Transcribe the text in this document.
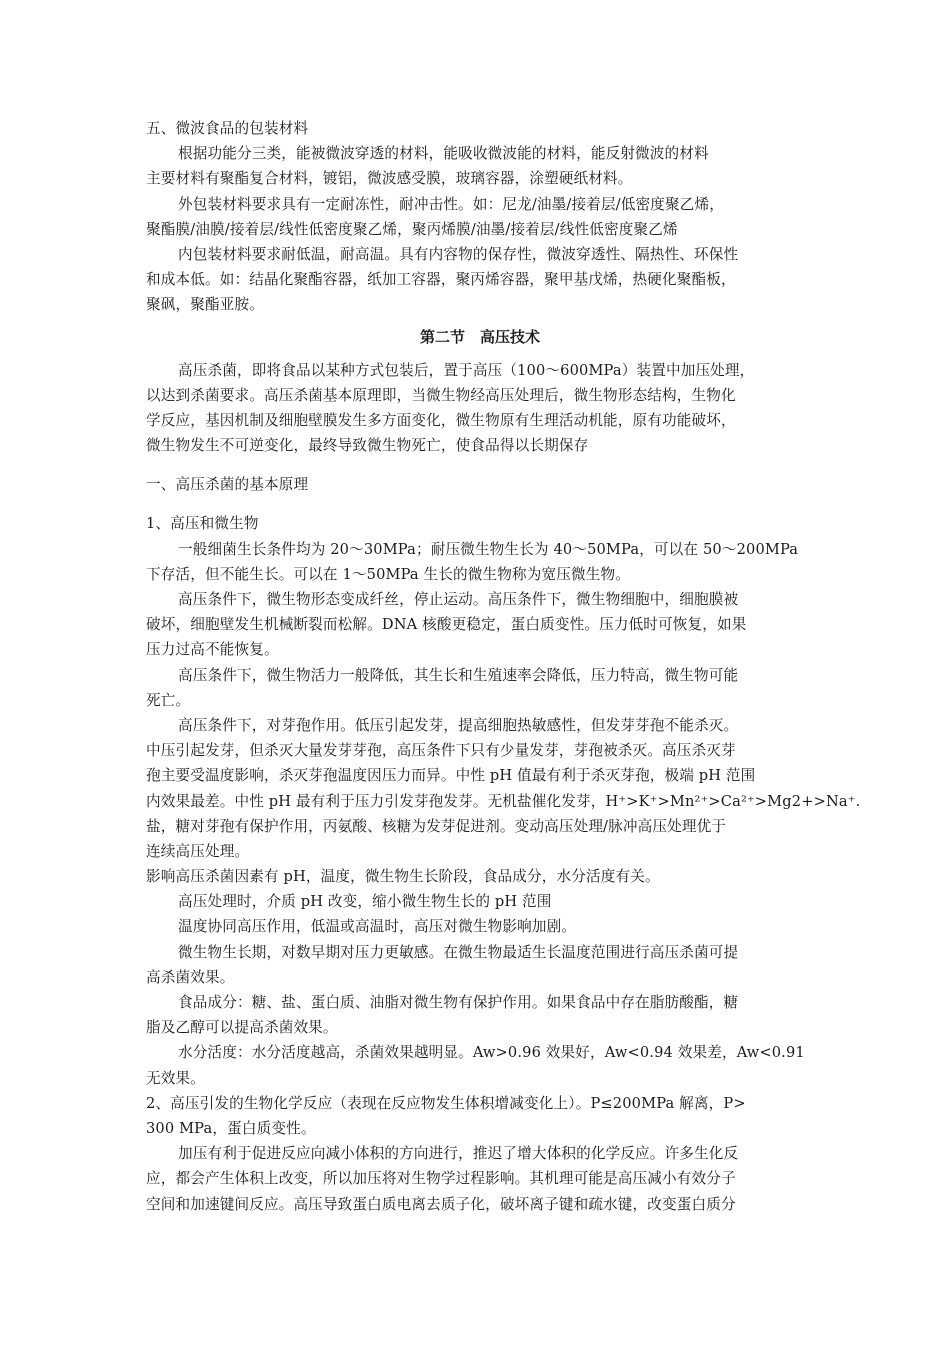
五、微波食品的包装材料
根据功能分三类，能被微波穿透的材料，能吸收微波能的材料，能反射微波的材料
主要材料有聚酯复合材料，镀铝，微波感受膜，玻璃容器，涂塑硬纸材料。
外包装材料要求具有一定耐冻性，耐冲击性。如：尼龙/油墨/接着层/低密度聚乙烯，
聚酯膜/油膜/接着层/线性低密度聚乙烯，聚丙烯膜/油墨/接着层/线性低密度聚乙烯
内包装材料要求耐低温，耐高温。具有内容物的保存性，微波穿透性、隔热性、环保性
和成本低。如：结晶化聚酯容器，纸加工容器，聚丙烯容器，聚甲基戊烯，热硬化聚酯板，
聚砜，聚酯亚胺。
第二节　高压技术
高压杀菌，即将食品以某种方式包装后，置于高压（100～600MPa）装置中加压处理，
以达到杀菌要求。高压杀菌基本原理即，当微生物经高压处理后，微生物形态结构，生物化
学反应，基因机制及细胞壁膜发生多方面变化，微生物原有生理活动机能，原有功能破坏，
微生物发生不可逆变化，最终导致微生物死亡，使食品得以长期保存
一、高压杀菌的基本原理
1、高压和微生物
一般细菌生长条件均为 20～30MPa；耐压微生物生长为 40～50MPa，可以在 50～200MPa
下存活，但不能生长。可以在 1～50MPa 生长的微生物称为宽压微生物。
高压条件下，微生物形态变成纤丝，停止运动。高压条件下，微生物细胞中，细胞膜被
破坏，细胞壁发生机械断裂而松解。DNA 核酸更稳定，蛋白质变性。压力低时可恢复，如果
压力过高不能恢复。
高压条件下，微生物活力一般降低，其生长和生殖速率会降低，压力特高，微生物可能
死亡。
高压条件下，对芽孢作用。低压引起发芽，提高细胞热敏感性，但发芽芽孢不能杀灭。
中压引起发芽，但杀灭大量发芽芽孢，高压条件下只有少量发芽，芽孢被杀灭。高压杀灭芽
孢主要受温度影响，杀灭芽孢温度因压力而异。中性 pH 值最有利于杀灭芽孢，极端 pH 范围
内效果最差。中性 pH 最有利于压力引发芽孢发芽。无机盐催化发芽，H⁺>K⁺>Mn²⁺>Ca²⁺>Mg2+>Na⁺.
盐，糖对芽孢有保护作用，丙氨酸、核糖为发芽促进剂。变动高压处理/脉冲高压处理优于
连续高压处理。
影响高压杀菌因素有 pH，温度，微生物生长阶段，食品成分，水分活度有关。
高压处理时，介质 pH 改变，缩小微生物生长的 pH 范围
温度协同高压作用，低温或高温时，高压对微生物影响加剧。
微生物生长期，对数早期对压力更敏感。在微生物最适生长温度范围进行高压杀菌可提
高杀菌效果。
食品成分：糖、盐、蛋白质、油脂对微生物有保护作用。如果食品中存在脂肪酸酯，糖
脂及乙醇可以提高杀菌效果。
水分活度：水分活度越高，杀菌效果越明显。Aw>0.96 效果好，Aw<0.94 效果差，Aw<0.91
无效果。
2、高压引发的生物化学反应（表现在反应物发生体积增减变化上）。P≤200MPa 解离，P>
300 MPa，蛋白质变性。
加压有利于促进反应向减小体积的方向进行，推迟了增大体积的化学反应。许多生化反
应，都会产生体积上改变，所以加压将对生物学过程影响。其机理可能是高压减小有效分子
空间和加速键间反应。高压导致蛋白质电离去质子化，破坏离子键和疏水键，改变蛋白质分
